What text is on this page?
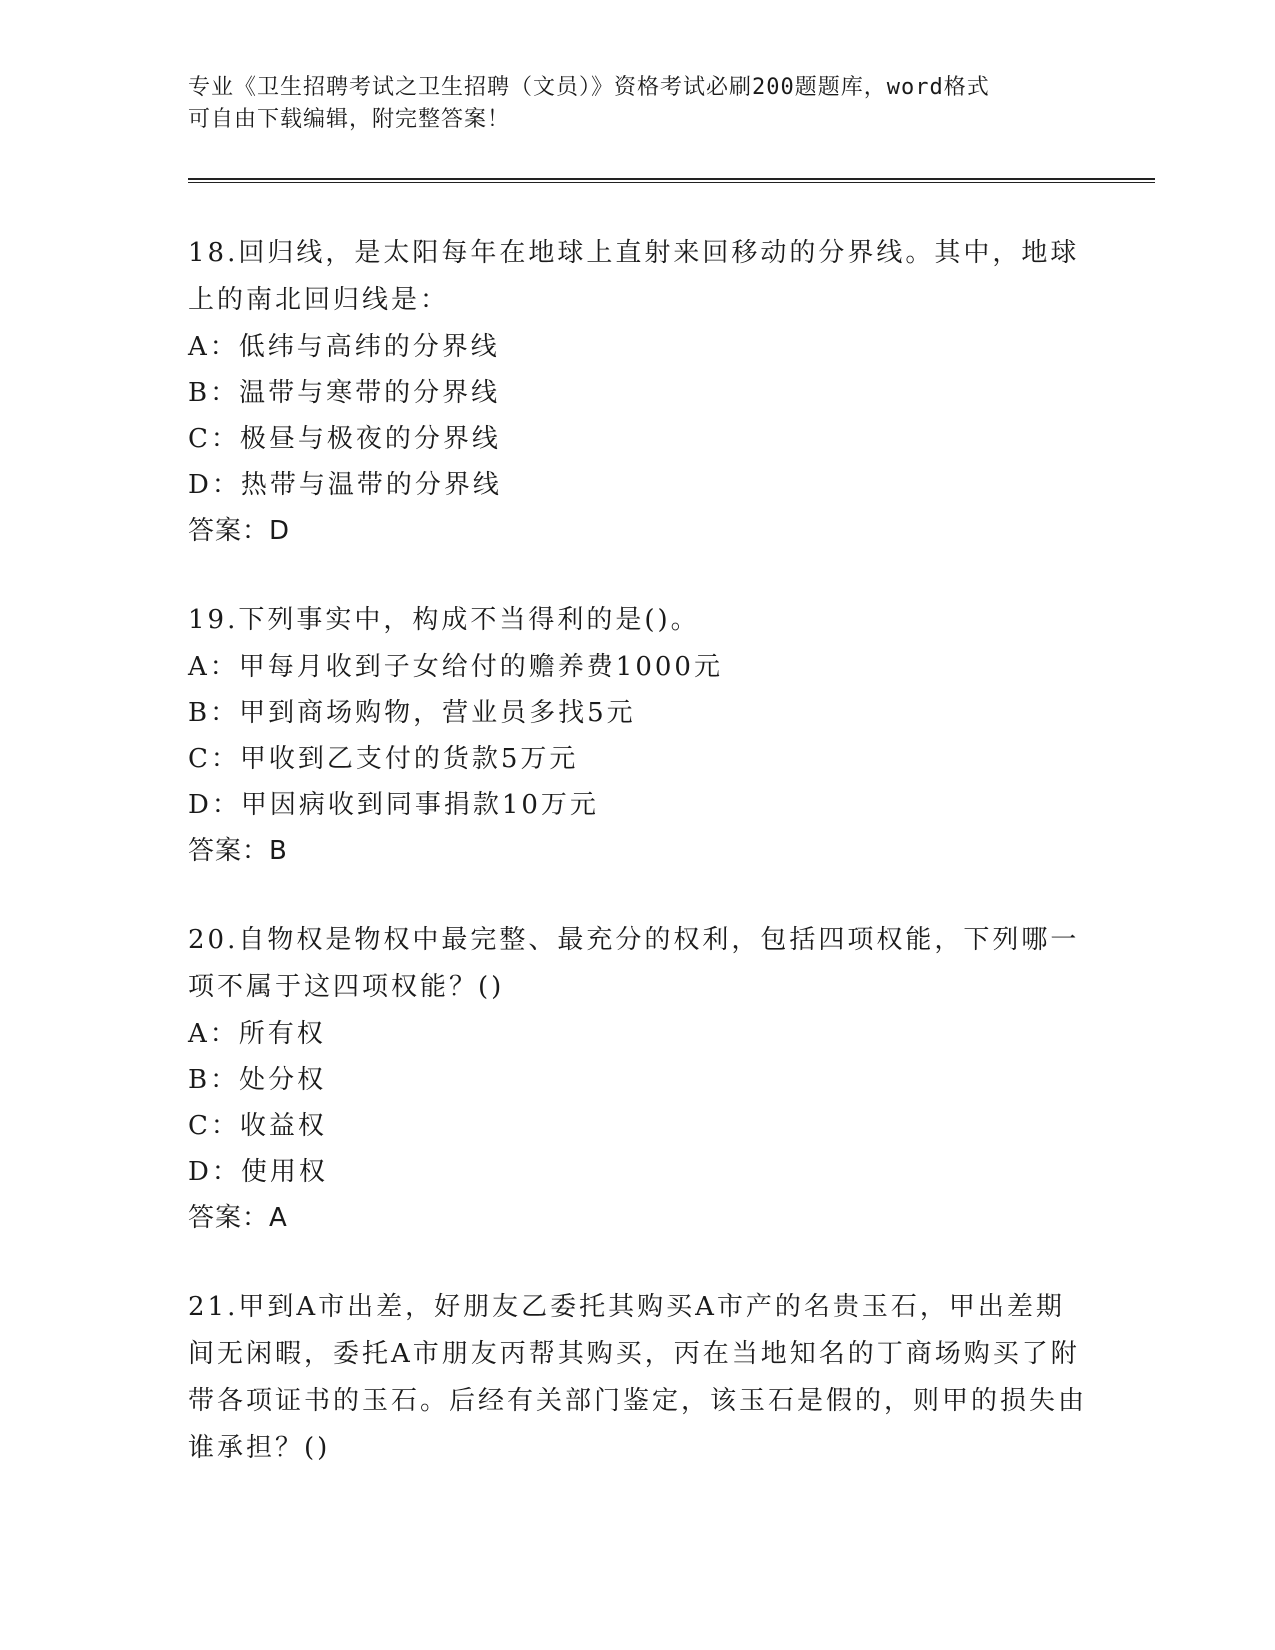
专业《卫生招聘考试之卫生招聘（文员）》资格考试必刷200题题库，word格式
可自由下载编辑，附完整答案！

18.回归线，是太阳每年在地球上直射来回移动的分界线。其中，地球上的南北回归线是：

A：低纬与高纬的分界线

B：温带与寒带的分界线

C：极昼与极夜的分界线

D：热带与温带的分界线

答案：D

19.下列事实中，构成不当得利的是()。

A：甲每月收到子女给付的赡养费1000元

B：甲到商场购物，营业员多找5元

C：甲收到乙支付的货款5万元

D：甲因病收到同事捐款10万元

答案：B

20.自物权是物权中最完整、最充分的权利，包括四项权能，下列哪一项不属于这四项权能？()

A：所有权

B：处分权

C：收益权

D：使用权

答案：A

21.甲到A市出差，好朋友乙委托其购买A市产的名贵玉石，甲出差期间无闲暇，委托A市朋友丙帮其购买，丙在当地知名的丁商场购买了附带各项证书的玉石。后经有关部门鉴定，该玉石是假的，则甲的损失由谁承担？()
